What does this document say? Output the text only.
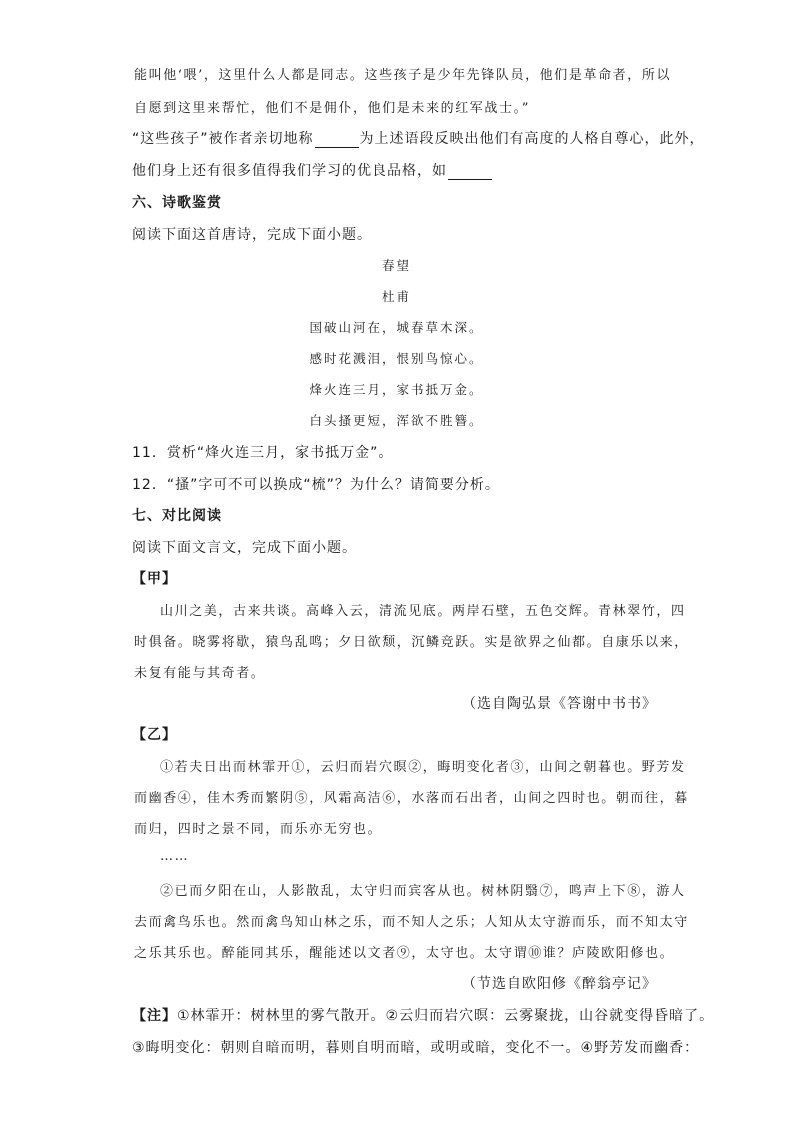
能叫他‘喂’，这里什么人都是同志。这些孩子是少年先锋队员，他们是革命者，所以
自愿到这里来帮忙，他们不是佣仆，他们是未来的红军战士。”
“这些孩子”被作者亲切地称	为上述语段反映出他们有高度的人格自尊心，此外，
他们身上还有很多值得我们学习的优良品格，如
六、诗歌鉴赏
阅读下面这首唐诗，完成下面小题。
春望
杜甫
国破山河在，城春草木深。
感时花溅泪，恨别鸟惊心。
烽火连三月，家书抵万金。
白头搔更短，浑欲不胜簪。
11．赏析“烽火连三月，家书抵万金”。
12．“搔”字可不可以换成“梳”？为什么？请简要分析。
七、对比阅读
阅读下面文言文，完成下面小题。
【甲】
山川之美，古来共谈。高峰入云，清流见底。两岸石壁，五色交辉。青林翠竹，四
时俱备。晓雾将歇，猿鸟乱鸣；夕日欲颓，沉鳞竞跃。实是欲界之仙都。自康乐以来，
未复有能与其奇者。
（选自陶弘景《答谢中书书》
【乙】
①若夫日出而林霏开①，云归而岩穴暝②，晦明变化者③，山间之朝暮也。野芳发
而幽香④，佳木秀而繁阴⑤，风霜高洁⑥，水落而石出者，山间之四时也。朝而往，暮
而归，四时之景不同，而乐亦无穷也。
……
②已而夕阳在山，人影散乱，太守归而宾客从也。树林阴翳⑦，鸣声上下⑧，游人
去而禽鸟乐也。然而禽鸟知山林之乐，而不知人之乐；人知从太守游而乐，而不知太守
之乐其乐也。醉能同其乐，醒能述以文者⑨，太守也。太守谓⑩谁？庐陵欧阳修也。
（节选自欧阳修《醉翁亭记》
【注】①林霏开：树林里的雾气散开。②云归而岩穴暝：云雾聚拢，山谷就变得昏暗了。
③晦明变化：朝则自暗而明，暮则自明而暗，或明或暗，变化不一。④野芳发而幽香：
